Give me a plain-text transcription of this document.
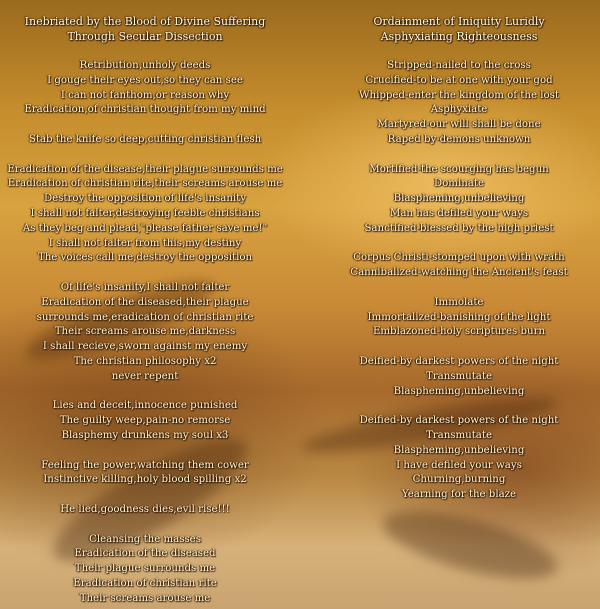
Inebriated by the Blood of Divine Suffering
Through Secular Dissection
Retribution,unholy deeds
I gouge their eyes out,so they can see
I can not fanthom,or reason why
Eradication,of christian thought from my mind
Stab the knife so deep,cutting christian flesh
Eradication of the disease,their plague surrounds me
Eradication of christian rite,their screams arouse me
Destroy the opposition of life's insanity
I shall not falter,destroying feeble christians
As they beg and plead,"please father save me!"
I shall not falter from this,my destiny
The voices call me,destroy the opposition
Of life's insanity,I shall not falter
Eradication of the diseased,their plague
surrounds me,eradication of christian rite
Their screams arouse me,darkness
I shall recieve,sworn against my enemy
The christian philosophy x2
never repent
Lies and deceit,innocence punished
The guilty weep,pain-no remorse
Blasphemy drunkens my soul x3
Feeling the power,watching them cower
Instinctive killing,holy blood spilling x2
He lied,goodness dies,evil rise!!!
Cleansing the masses
Eradication of the diseased
Their plague surrounds me
Eradication of christian rite
Their screams arouse me
Ordainment of Iniquity Luridly
Asphyxiating Righteousness
Stripped-nailed to the cross
Crucified-to be at one with your god
Whipped-enter the kingdom of the lost
Asphyxiate
Martyred-our will shall be done
Raped by-demons unknown
Mortified-the scourging has begun
Dominate
Blaspheming,unbelieving
Man has defiled your ways
Sanctified-blessed by the high priest
Corpus Christi-stomped upon with wrath
Cannibalized-watching the Ancient's feast
Immolate
Immortalized-banishing of the light
Emblazoned-holy scriptures burn
Deified-by darkest powers of the night
Transmutate
Blaspheming,unbelieving
Deified-by darkest powers of the night
Transmutate
Blaspheming,unbelieving
I have defiled your ways
Churning,burning
Yearning for the blaze
